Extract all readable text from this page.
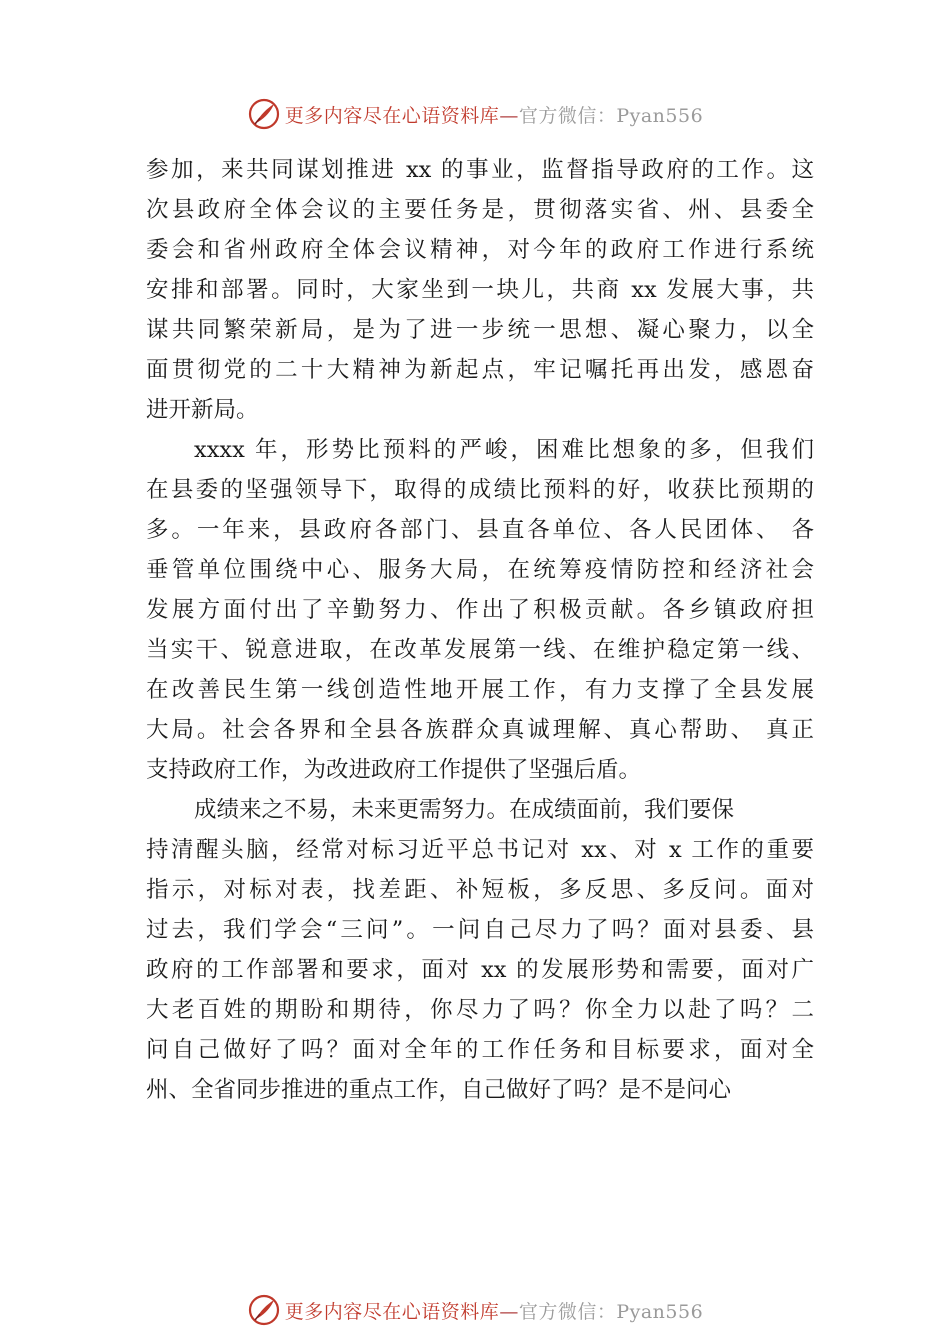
更多内容尽在心语资料库—官方微信：Pyan556
参加，来共同谋划推进 xx 的事业，监督指导政府的工作。这
次县政府全体会议的主要任务是，贯彻落实省、州、县委全
委会和省州政府全体会议精神，对今年的政府工作进行系统
安排和部署。同时，大家坐到一块儿，共商 xx 发展大事，共
谋共同繁荣新局，是为了进一步统一思想、凝心聚力，以全
面贯彻党的二十大精神为新起点，牢记嘱托再出发，感恩奋
进开新局。
xxxx 年，形势比预料的严峻，困难比想象的多，但我们
在县委的坚强领导下，取得的成绩比预料的好，收获比预期的
多。一年来，县政府各部门、县直各单位、各人民团体、 各
垂管单位围绕中心、服务大局，在统筹疫情防控和经济社会
发展方面付出了辛勤努力、作出了积极贡献。各乡镇政府担
当实干、锐意进取，在改革发展第一线、在维护稳定第一线、
在改善民生第一线创造性地开展工作，有力支撑了全县发展
大局。社会各界和全县各族群众真诚理解、真心帮助、 真正
支持政府工作，为改进政府工作提供了坚强后盾。
成绩来之不易，未来更需努力。在成绩面前，我们要保
持清醒头脑，经常对标习近平总书记对 xx、对 x 工作的重要
指示，对标对表，找差距、补短板，多反思、多反问。面对
过去，我们学会“三问”。一问自己尽力了吗？面对县委、县
政府的工作部署和要求，面对 xx 的发展形势和需要，面对广
大老百姓的期盼和期待，你尽力了吗？你全力以赴了吗？二
问自己做好了吗？面对全年的工作任务和目标要求，面对全
州、全省同步推进的重点工作，自己做好了吗？是不是问心
更多内容尽在心语资料库—官方微信：Pyan556
